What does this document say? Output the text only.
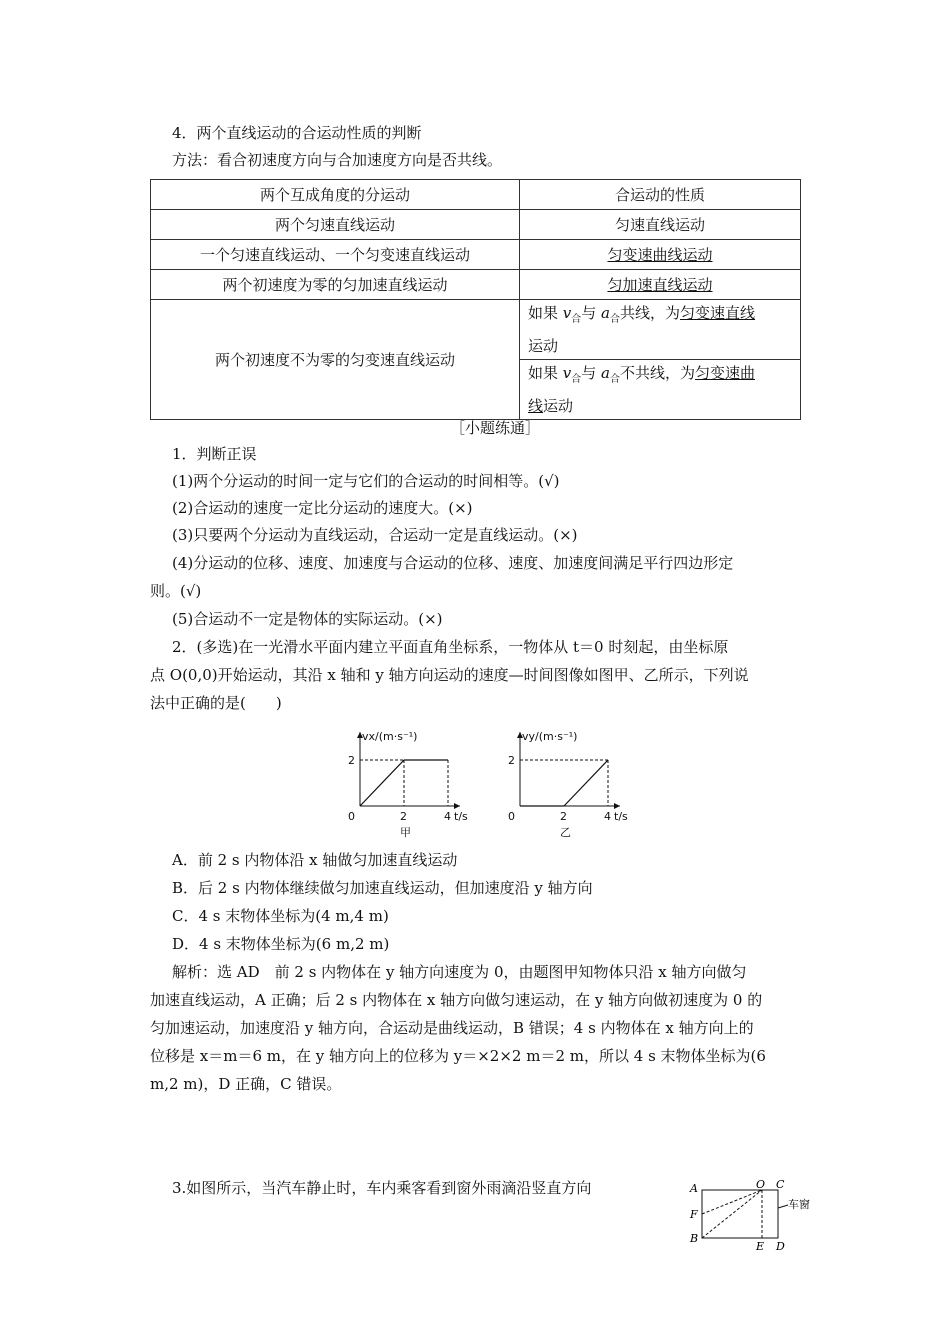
4．两个直线运动的合运动性质的判断
方法：看合初速度方向与合加速度方向是否共线。
两个互成角度的分运动	合运动的性质
两个匀速直线运动	匀速直线运动
一个匀速直线运动、一个匀变速直线运动	匀变速曲线运动
两个初速度为零的匀加速直线运动	匀加速直线运动
两个初速度不为零的匀变速直线运动	如果 $v_合$与 $a_合$共线，为匀变速直线
运动
	如果 $v_合$与 $a_合$不共线，为匀变速曲
线运动
［小题练通］
1．判断正误
(1)两个分运动的时间一定与它们的合运动的时间相等。(√)
(2)合运动的速度一定比分运动的速度大。(×)
(3)只要两个分运动为直线运动，合运动一定是直线运动。(×)
(4)分运动的位移、速度、加速度与合运动的位移、速度、加速度间满足平行四边形定
则。(√)
(5)合运动不一定是物体的实际运动。(×)
2．(多选)在一光滑水平面内建立平面直角坐标系，一物体从 t＝0 时刻起，由坐标原
点 O(0,0)开始运动，其沿 x 轴和 y 轴方向运动的速度—时间图像如图甲、乙所示，下列说
法中正确的是(　　)
vx/(m·s⁻¹)
t/s
0	2	4
2
甲
vy/(m·s⁻¹)
t/s
0	2	4
2
乙
A．前 2 s 内物体沿 x 轴做匀加速直线运动
B．后 2 s 内物体继续做匀加速直线运动，但加速度沿 y 轴方向
C．4 s 末物体坐标为(4 m,4 m)
D．4 s 末物体坐标为(6 m,2 m)
解析：选 AD　前 2 s 内物体在 y 轴方向速度为 0，由题图甲知物体只沿 x 轴方向做匀
加速直线运动，A 正确；后 2 s 内物体在 x 轴方向做匀速运动，在 y 轴方向做初速度为 0 的
匀加速运动，加速度沿 y 轴方向，合运动是曲线运动，B 错误；4 s 内物体在 x 轴方向上的
位移是 x＝m＝6 m，在 y 轴方向上的位移为 y＝×2×2 m＝2 m，所以 4 s 末物体坐标为(6
m,2 m)，D 正确，C 错误。
3.如图所示，当汽车静止时，车内乘客看到窗外雨滴沿竖直方向	A	O C
F
B
E D
车窗
